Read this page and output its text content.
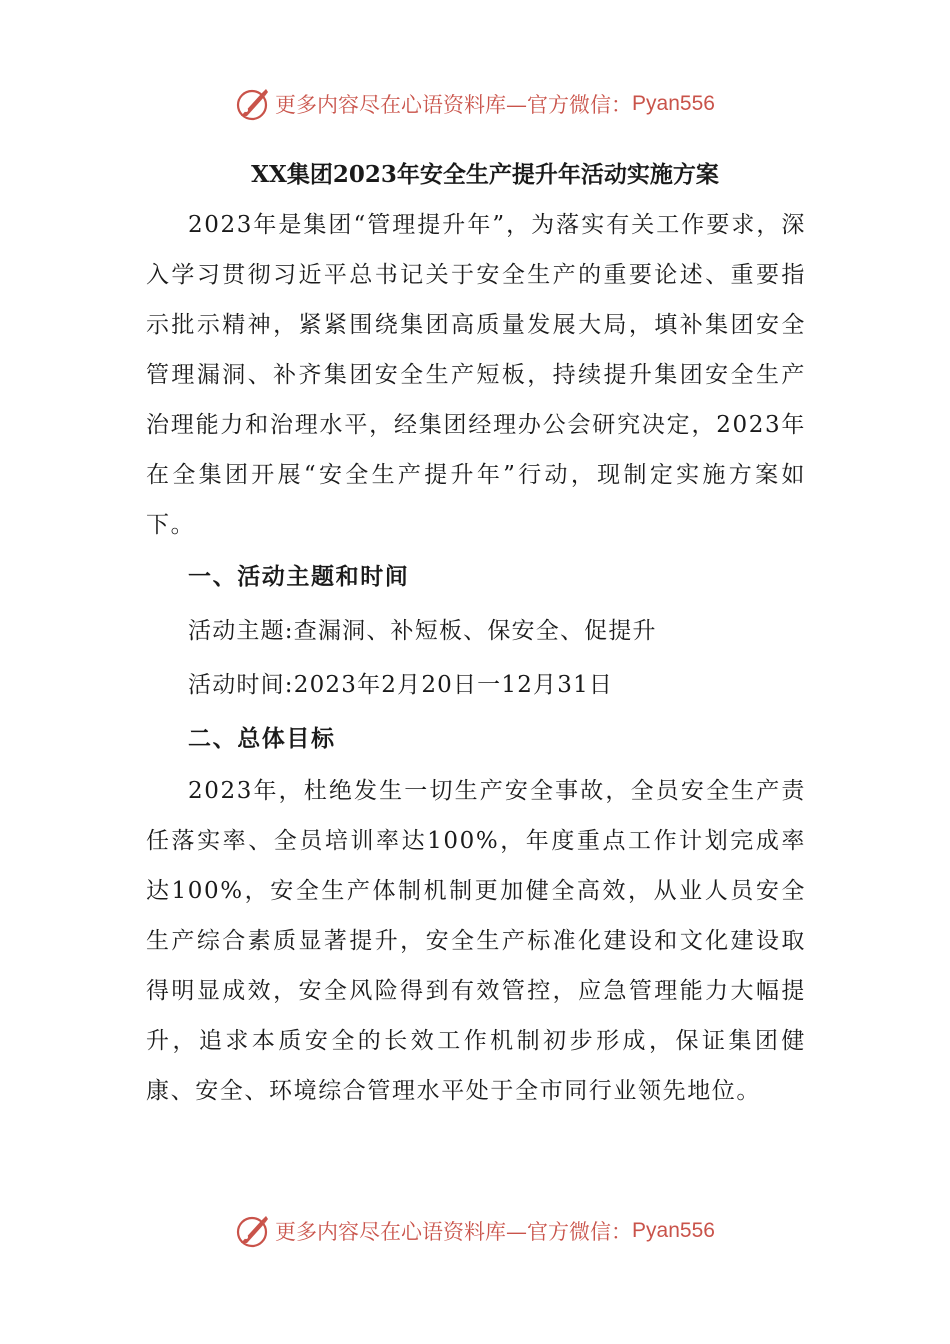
更多内容尽在心语资料库—官方微信： Pyan556
XX集团2023年安全生产提升年活动实施方案

2023年是集团“管理提升年”，为落实有关工作要求，深入学习贯彻习近平总书记关于安全生产的重要论述、重要指示批示精神，紧紧围绕集团高质量发展大局，填补集团安全管理漏洞、补齐集团安全生产短板，持续提升集团安全生产治理能力和治理水平，经集团经理办公会研究决定，2023年在全集团开展“安全生产提升年”行动，现制定实施方案如下。

一、活动主题和时间
活动主题:查漏洞、补短板、保安全、促提升
活动时间:2023年2月20日一12月31日
二、总体目标

2023年，杜绝发生一切生产安全事故，全员安全生产责任落实率、全员培训率达100%，年度重点工作计划完成率达100%，安全生产体制机制更加健全高效，从业人员安全生产综合素质显著提升，安全生产标准化建设和文化建设取得明显成效，安全风险得到有效管控，应急管理能力大幅提升，追求本质安全的长效工作机制初步形成，保证集团健康、安全、环境综合管理水平处于全市同行业领先地位。

更多内容尽在心语资料库—官方微信： Pyan556
